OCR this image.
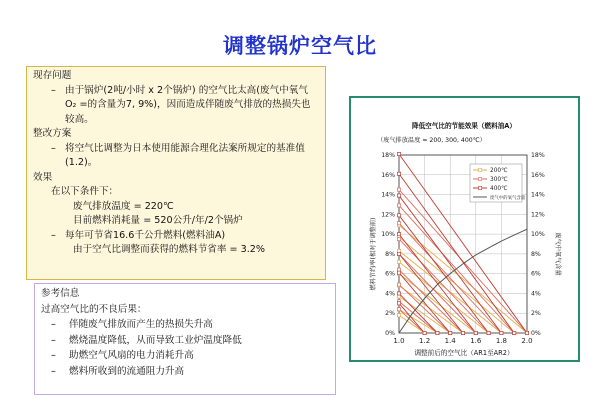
调整锅炉空气比
现存问题
– 由于锅炉(2吨/小时 x 2个锅炉) 的空气比太高(废气中氧气O₂ =的含量为7, 9%)，因而造成伴随废气排放的热损失也较高。
整改方案
– 将空气比调整为日本使用能源合理化法案所规定的基准值(1.2)。
效果
在以下条件下：
废气排放温度 = 220℃
目前燃料消耗量 = 520公升/年/2个锅炉
– 每年可节省16.6千公升燃料(燃料油A)
由于空气比调整而获得的燃料节省率 = 3.2%
参考信息
过高空气比的不良后果：
–	伴随废气排放而产生的热损失升高
–	燃烧温度降低，从而导致工业炉温度降低
–	助燃空气风扇的电力消耗升高
–	燃料所收到的流通阻力升高
降低空气比的节能效果（燃料油A）
（废气排放温度 = 200, 300, 400℃）
0%	0%
2%	2%
4%	4%
6%	6%
8%	8%
10%	10%
12%	12%
14%	14%
16%	16%
18%	18%
1.0 1.2 1.4 1.6 1.8 2.0
200℃
300℃
400℃
废气中的氧气含量
调整前后的空气比（AR1至AR2）
燃料节约率(相对于调整前)	废气中氧气含量
